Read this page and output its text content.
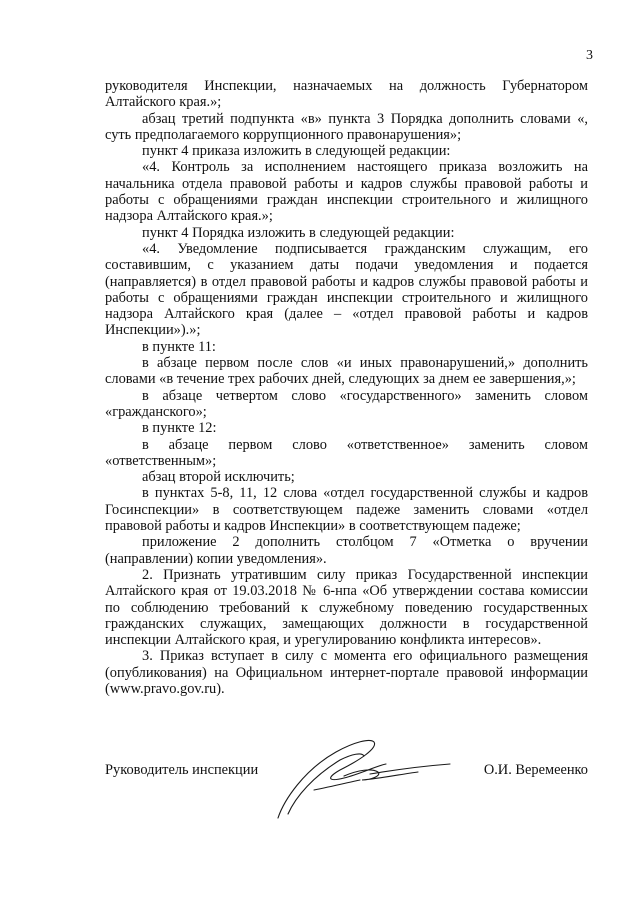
3

руководителя Инспекции, назначаемых на должность Губернатором Алтайского края.»;

абзац третий подпункта «в» пункта 3 Порядка дополнить словами «, суть предполагаемого коррупционного правонарушения»;

пункт 4 приказа изложить в следующей редакции:

«4. Контроль за исполнением настоящего приказа возложить на начальника отдела правовой работы и кадров службы правовой работы и работы с обращениями граждан инспекции строительного и жилищного надзора Алтайского края.»;

пункт 4 Порядка изложить в следующей редакции:

«4. Уведомление подписывается гражданским служащим, его составившим, с указанием даты подачи уведомления и подается (направляется) в отдел правовой работы и кадров службы правовой работы и работы с обращениями граждан инспекции строительного и жилищного надзора Алтайского края (далее – «отдел правовой работы и кадров Инспекции»).»;

в пункте 11:

в абзаце первом после слов «и иных правонарушений,» дополнить словами «в течение трех рабочих дней, следующих за днем ее завершения,»;

в абзаце четвертом слово «государственного» заменить словом «гражданского»;

в пункте 12:

в абзаце первом слово «ответственное» заменить словом «ответственным»;

абзац второй исключить;

в пунктах 5-8, 11, 12 слова «отдел государственной службы и кадров Госинспекции» в соответствующем падеже заменить словами «отдел правовой работы и кадров Инспекции» в соответствующем падеже;

приложение 2 дополнить столбцом 7 «Отметка о вручении (направлении) копии уведомления».

2. Признать утратившим силу приказ Государственной инспекции Алтайского края от 19.03.2018 № 6-нпа «Об утверждении состава комиссии по соблюдению требований к служебному поведению государственных гражданских служащих, замещающих должности в государственной инспекции Алтайского края, и урегулированию конфликта интересов».

3. Приказ вступает в силу с момента его официального размещения (опубликования) на Официальном интернет-портале правовой информации (www.pravo.gov.ru).

Руководитель инспекции	О.И. Веремеенко
